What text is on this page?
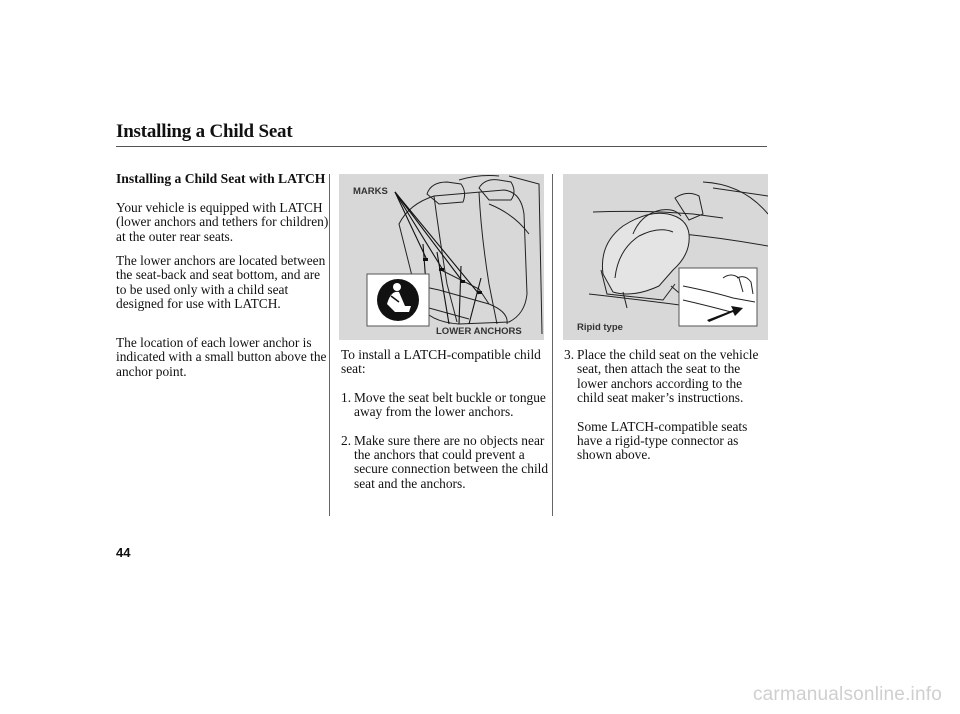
Installing a Child Seat
Installing a Child Seat with LATCH

Your vehicle is equipped with LATCH (lower anchors and tethers for children) at the outer rear seats.

The lower anchors are located between the seat-back and seat bottom, and are to be used only with a child seat designed for use with LATCH.

The location of each lower anchor is indicated with a small button above the anchor point.

MARKS
LOWER ANCHORS	Ripid type
To install a LATCH-compatible child seat:
1. Move the seat belt buckle or tongue away from the lower anchors.
2. Make sure there are no objects near the anchors that could prevent a secure connection between the child seat and the anchors.
3. Place the child seat on the vehicle seat, then attach the seat to the lower anchors according to the child seat maker’s instructions.
Some LATCH-compatible seats have a rigid-type connector as shown above.
44
carmanualsonline.info
